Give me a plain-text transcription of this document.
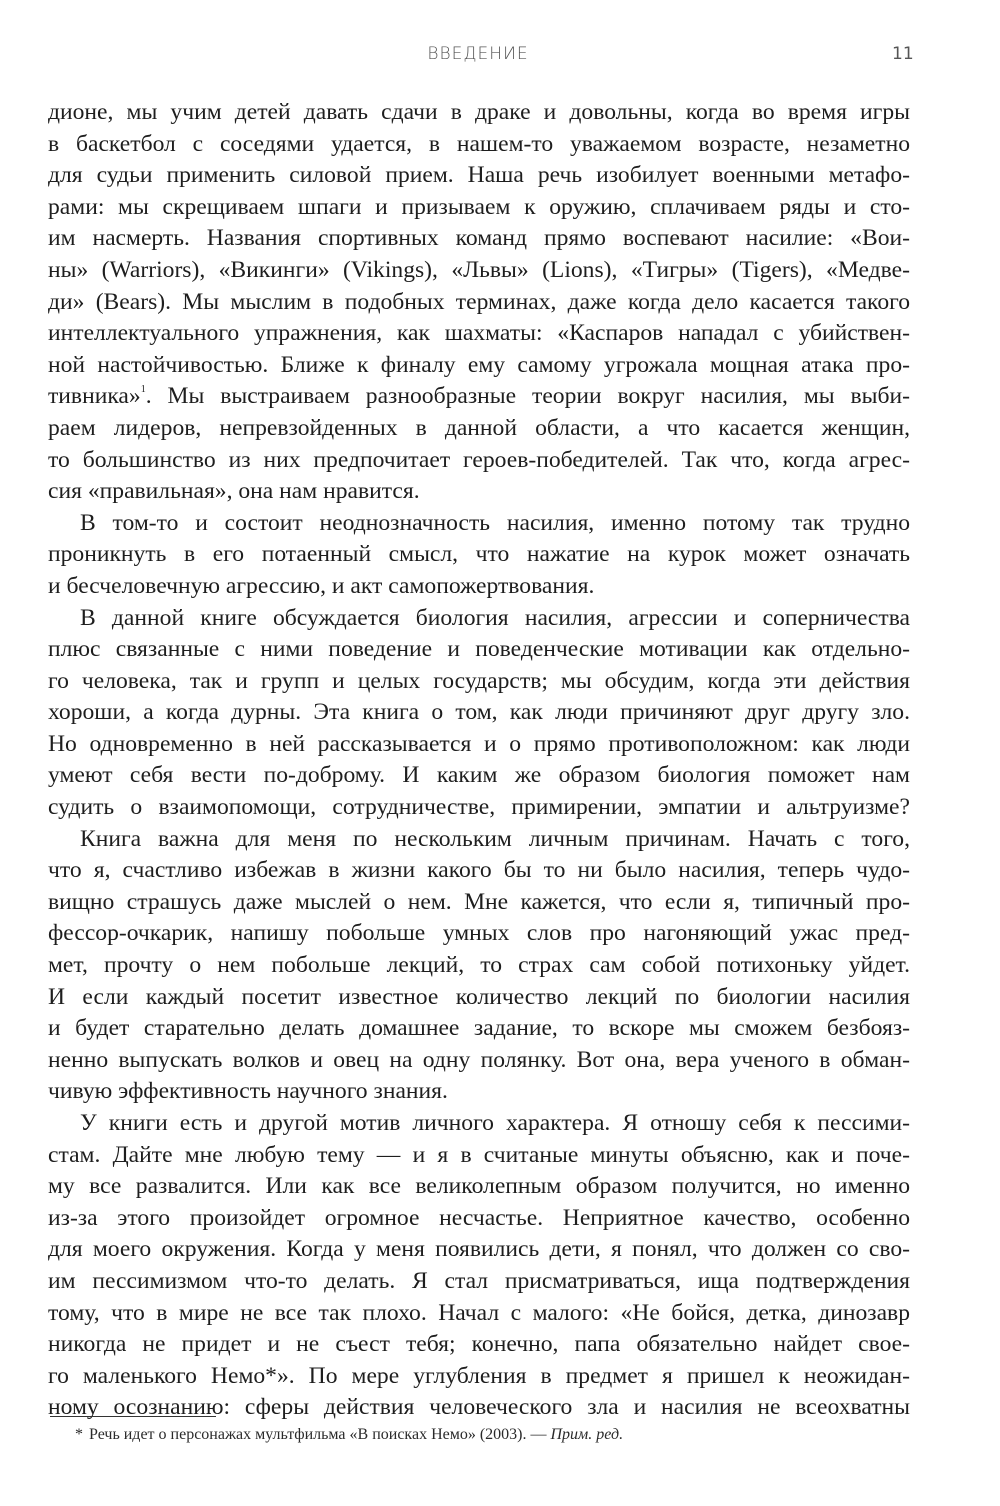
ВВЕДЕНИЕ	11
дионе, мы учим детей давать сдачи в драке и довольны, когда во время игры
в баскетбол с соседями удается, в нашем-то уважаемом возрасте, незаметно
для судьи применить силовой прием. Наша речь изобилует военными метафо-
рами: мы скрещиваем шпаги и призываем к оружию, сплачиваем ряды и сто-
им насмерть. Названия спортивных команд прямо воспевают насилие: «Вои-
ны» (Warriors), «Викинги» (Vikings), «Львы» (Lions), «Тигры» (Tigers), «Медве-
ди» (Bears). Мы мыслим в подобных терминах, даже когда дело касается такого
интеллектуального упражнения, как шахматы: «Каспаров нападал с убийствен-
ной настойчивостью. Ближе к финалу ему самому угрожала мощная атака про-
тивника»$^1$. Мы выстраиваем разнообразные теории вокруг насилия, мы выби-
раем лидеров, непревзойденных в данной области, а что касается женщин,
то большинство из них предпочитает героев-победителей. Так что, когда агрес-
сия «правильная», она нам нравится.
В том-то и состоит неоднозначность насилия, именно потому так трудно
проникнуть в его потаенный смысл, что нажатие на курок может означать
и бесчеловечную агрессию, и акт самопожертвования.
В данной книге обсуждается биология насилия, агрессии и соперничества
плюс связанные с ними поведение и поведенческие мотивации как отдельно-
го человека, так и групп и целых государств; мы обсудим, когда эти действия
хороши, а когда дурны. Эта книга о том, как люди причиняют друг другу зло.
Но одновременно в ней рассказывается и о прямо противоположном: как люди
умеют себя вести по-доброму. И каким же образом биология поможет нам
судить о взаимопомощи, сотрудничестве, примирении, эмпатии и альтруизме?
Книга важна для меня по нескольким личным причинам. Начать с того,
что я, счастливо избежав в жизни какого бы то ни было насилия, теперь чудо-
вищно страшусь даже мыслей о нем. Мне кажется, что если я, типичный про-
фессор-очкарик, напишу побольше умных слов про нагоняющий ужас пред-
мет, прочту о нем побольше лекций, то страх сам собой потихоньку уйдет.
И если каждый посетит известное количество лекций по биологии насилия
и будет старательно делать домашнее задание, то вскоре мы сможем безбояз-
ненно выпускать волков и овец на одну полянку. Вот она, вера ученого в обман-
чивую эффективность научного знания.
У книги есть и другой мотив личного характера. Я отношу себя к пессими-
стам. Дайте мне любую тему — и я в считаные минуты объясню, как и поче-
му все развалится. Или как все великолепным образом получится, но именно
из-за этого произойдет огромное несчастье. Неприятное качество, особенно
для моего окружения. Когда у меня появились дети, я понял, что должен со сво-
им пессимизмом что-то делать. Я стал присматриваться, ища подтверждения
тому, что в мире не все так плохо. Начал с малого: «Не бойся, детка, динозавр
никогда не придет и не съест тебя; конечно, папа обязательно найдет свое-
го маленького Немо*». По мере углубления в предмет я пришел к неожидан-
ному осознанию: сферы действия человеческого зла и насилия не всеохватны
* Речь идет о персонажах мультфильма «В поисках Немо» (2003). — Прим. ред.
